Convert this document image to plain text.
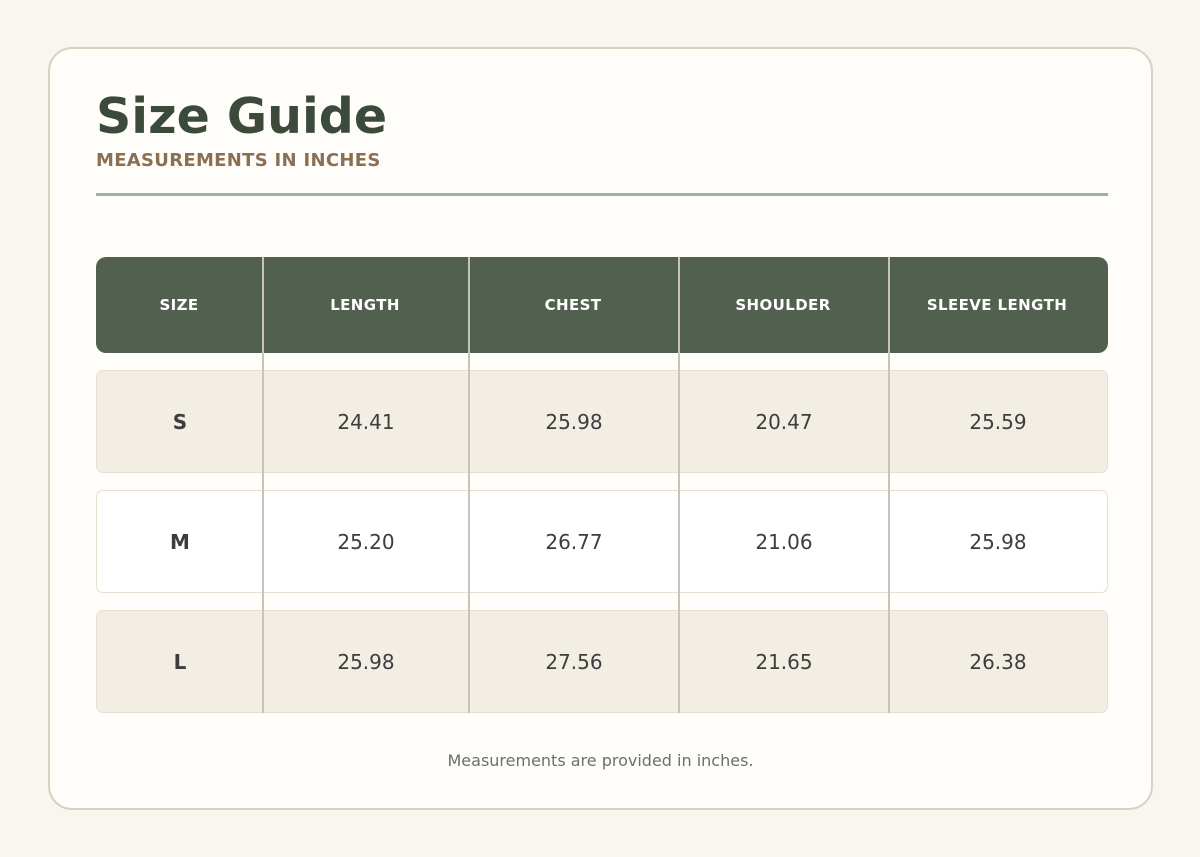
Size Guide
MEASUREMENTS IN INCHES
SIZE	LENGTH	CHEST	SHOULDER	SLEEVE LENGTH
S	24.41	25.98	20.47	25.59
M	25.20	26.77	21.06	25.98
L	25.98	27.56	21.65	26.38
Measurements are provided in inches.
